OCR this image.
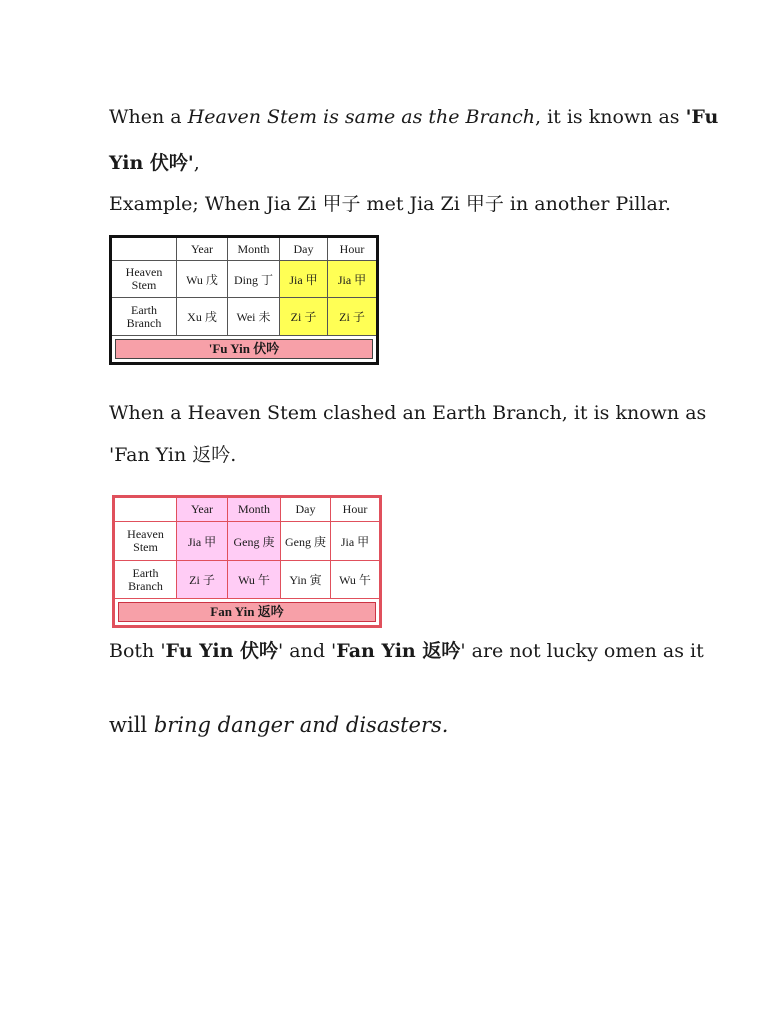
When a Heaven Stem is same as the Branch, it is known as 'Fu
Yin 伏吟',
Example; When Jia Zi 甲子 met Jia Zi 甲子 in another Pillar.
	Year	Month	Day	Hour

Heaven
Stem	Wu 戊	Ding 丁	Jia 甲	Jia 甲

Earth
Branch	Xu 戌	Wei 未	Zi 子	Zi 子

'Fu Yin 伏吟				
When a Heaven Stem clashed an Earth Branch, it is known as
'Fan Yin 返吟.
	Year	Month	Day	Hour

Heaven
Stem	Jia 甲	Geng 庚	Geng 庚	Jia 甲

Earth
Branch	Zi 子	Wu 午	Yin 寅	Wu 午

Fan Yin 返吟				
Both 'Fu Yin 伏吟' and 'Fan Yin 返吟' are not lucky omen as it
will bring danger and disasters.
